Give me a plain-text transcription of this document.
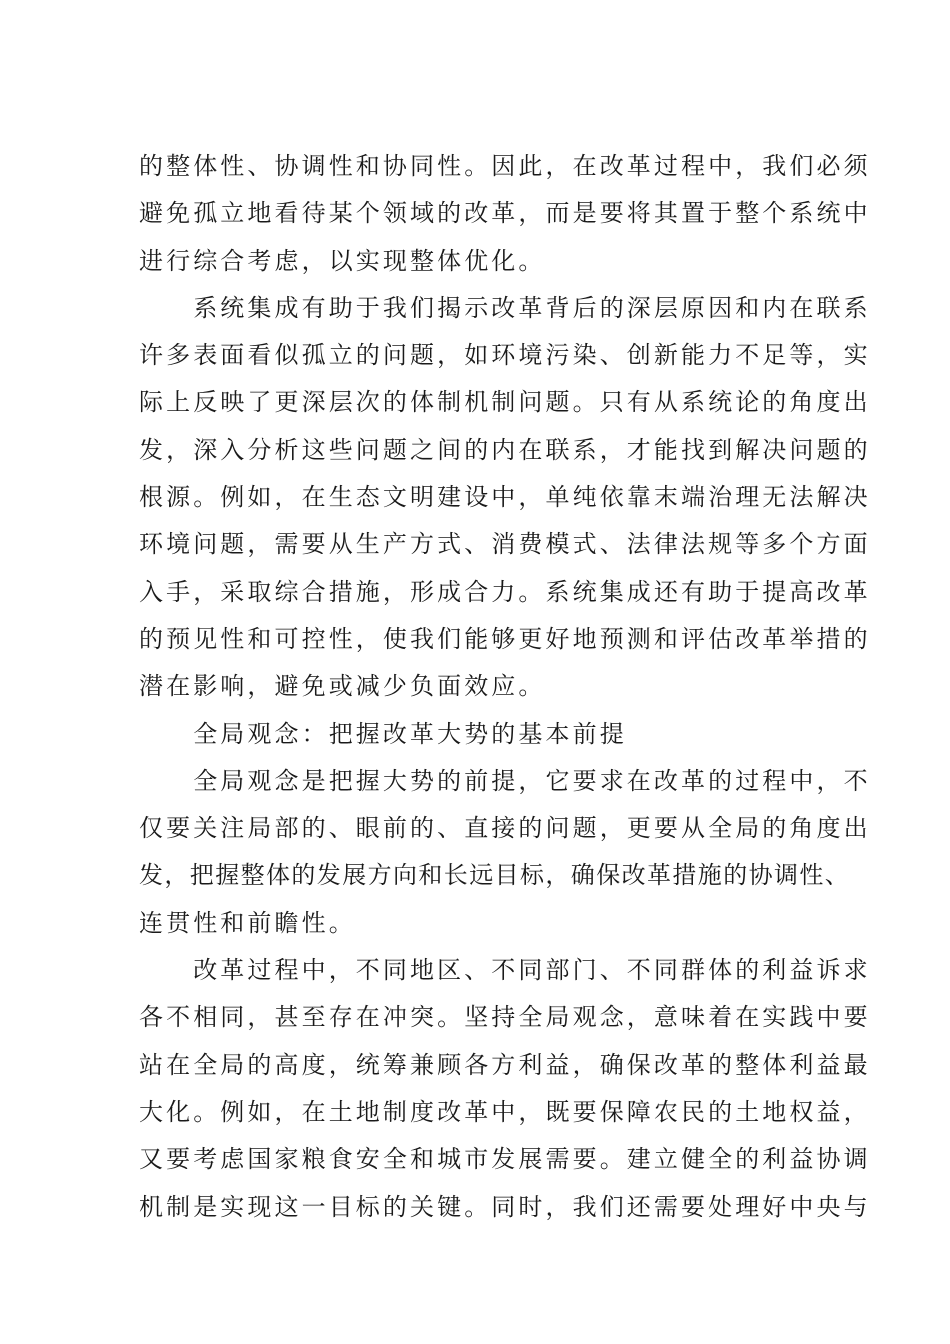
的整体性、协调性和协同性。因此，在改革过程中，我们必须
避免孤立地看待某个领域的改革，而是要将其置于整个系统中
进行综合考虑，以实现整体优化。
　　系统集成有助于我们揭示改革背后的深层原因和内在联系
许多表面看似孤立的问题，如环境污染、创新能力不足等，实
际上反映了更深层次的体制机制问题。只有从系统论的角度出
发，深入分析这些问题之间的内在联系，才能找到解决问题的
根源。例如，在生态文明建设中，单纯依靠末端治理无法解决
环境问题，需要从生产方式、消费模式、法律法规等多个方面
入手，采取综合措施，形成合力。系统集成还有助于提高改革
的预见性和可控性，使我们能够更好地预测和评估改革举措的
潜在影响，避免或减少负面效应。
　　全局观念：把握改革大势的基本前提
　　全局观念是把握大势的前提，它要求在改革的过程中，不
仅要关注局部的、眼前的、直接的问题，更要从全局的角度出
发，把握整体的发展方向和长远目标，确保改革措施的协调性、
连贯性和前瞻性。
　　改革过程中，不同地区、不同部门、不同群体的利益诉求
各不相同，甚至存在冲突。坚持全局观念，意味着在实践中要
站在全局的高度，统筹兼顾各方利益，确保改革的整体利益最
大化。例如，在土地制度改革中，既要保障农民的土地权益，
又要考虑国家粮食安全和城市发展需要。建立健全的利益协调
机制是实现这一目标的关键。同时，我们还需要处理好中央与
